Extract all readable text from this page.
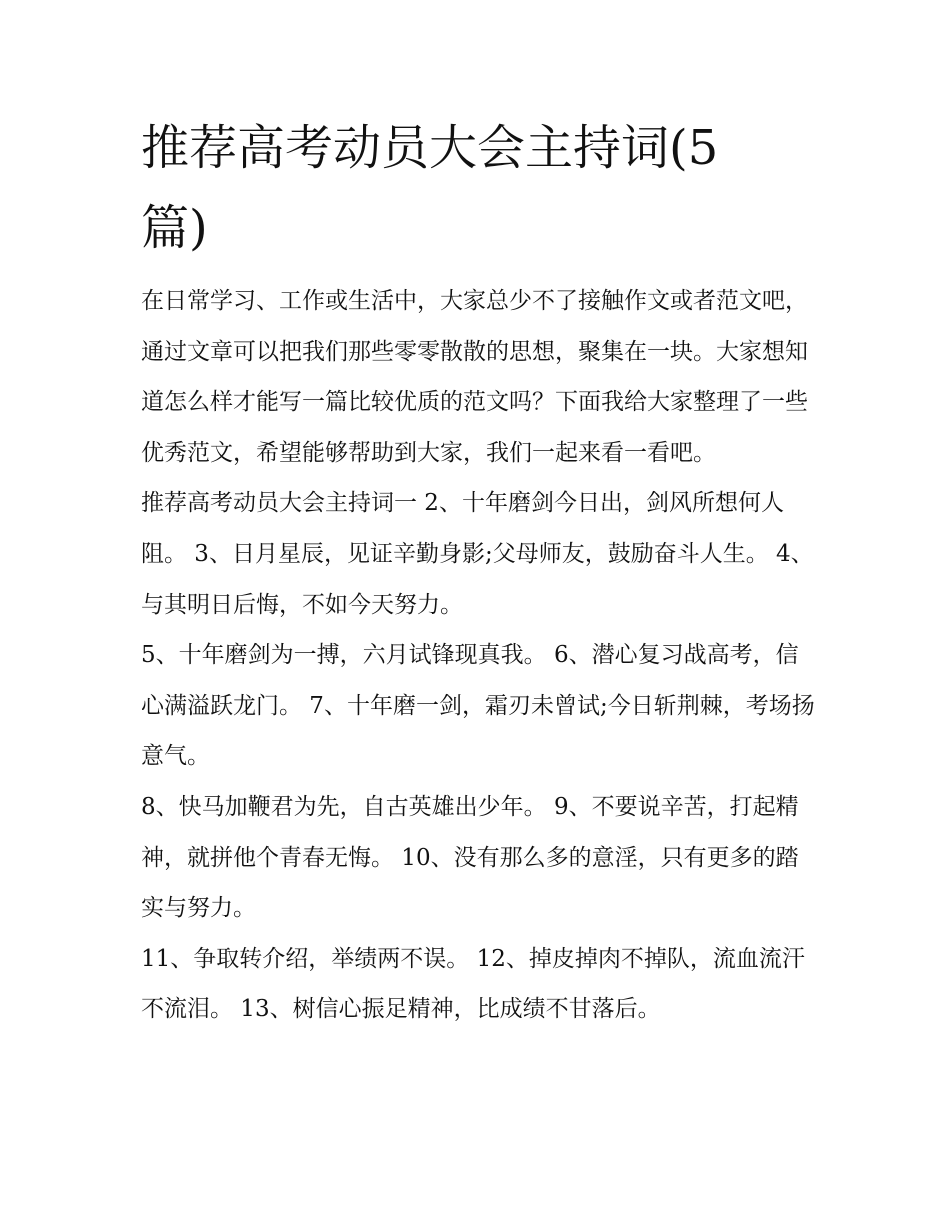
推荐高考动员大会主持词(5篇)

在日常学习、工作或生活中，大家总少不了接触作文或者范文吧，通过文章可以把我们那些零零散散的思想，聚集在一块。大家想知道怎么样才能写一篇比较优质的范文吗？下面我给大家整理了一些优秀范文，希望能够帮助到大家，我们一起来看一看吧。

推荐高考动员大会主持词一 2、十年磨剑今日出，剑风所想何人阻。 3、日月星辰，见证辛勤身影;父母师友，鼓励奋斗人生。 4、与其明日后悔，不如今天努力。

5、十年磨剑为一搏，六月试锋现真我。 6、潜心复习战高考，信心满溢跃龙门。 7、十年磨一剑，霜刃未曾试;今日斩荆棘，考场扬意气。

8、快马加鞭君为先，自古英雄出少年。 9、不要说辛苦，打起精神，就拼他个青春无悔。 10、没有那么多的意淫，只有更多的踏实与努力。

11、争取转介绍，举绩两不误。 12、掉皮掉肉不掉队，流血流汗不流泪。 13、树信心振足精神，比成绩不甘落后。
